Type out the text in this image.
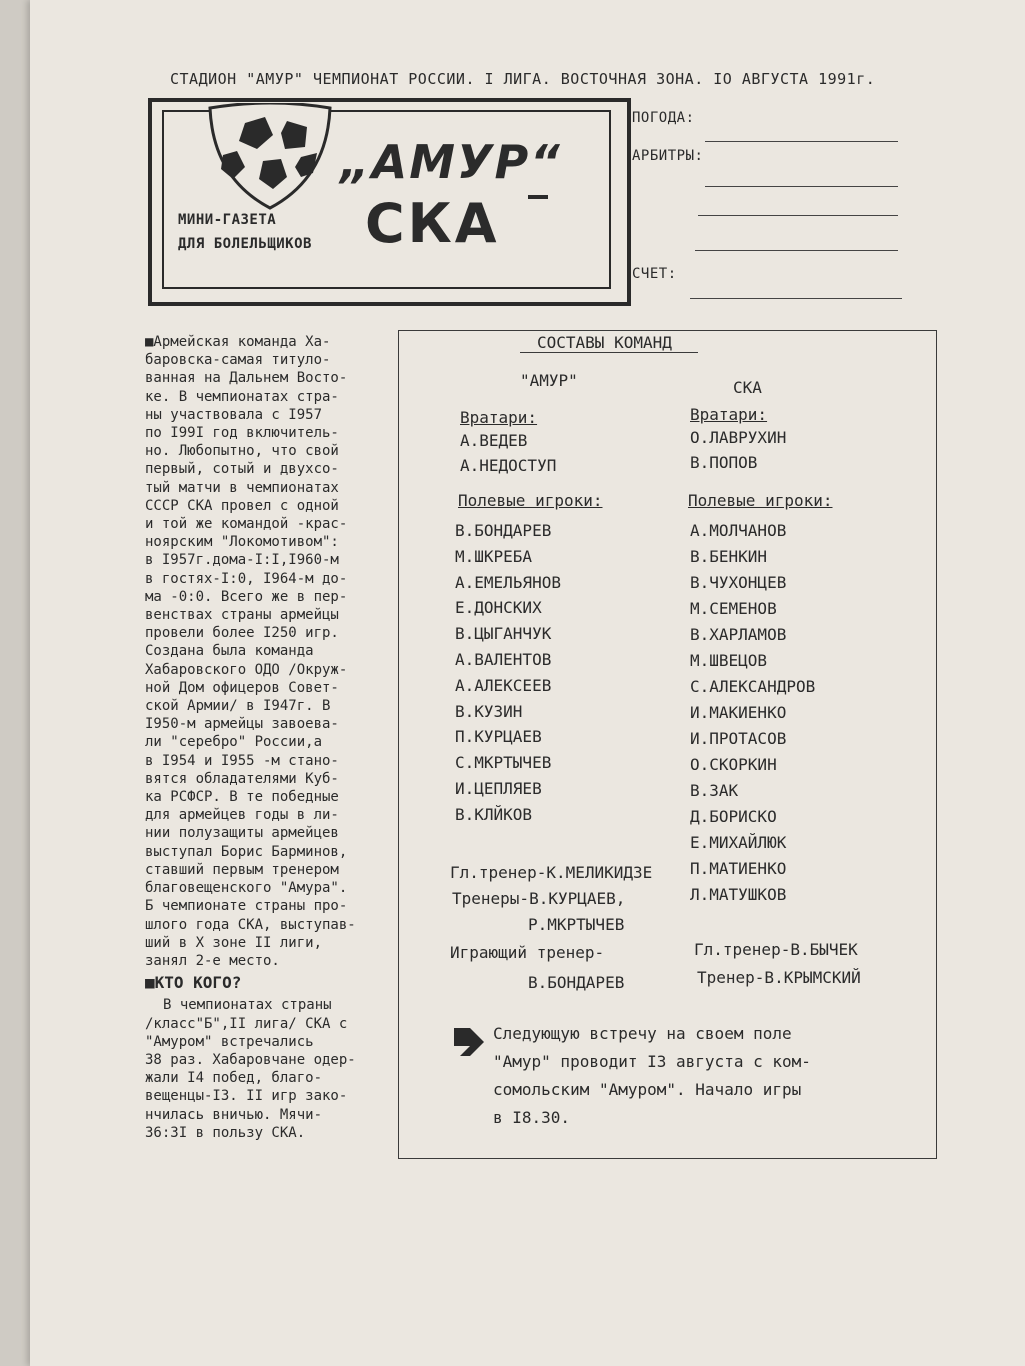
СТАДИОН "АМУР" ЧЕМПИОНАТ РОССИИ. I ЛИГА. ВОСТОЧНАЯ ЗОНА. IO АВГУСТА 1991г.
„АМУР“
СКА
МИНИ-ГАЗЕТА
ДЛЯ БОЛЕЛЬЩИКОВ
ПОГОДА:
АРБИТРЫ:
СЧЕТ:

■Армейская команда Ха-

баровска-самая титуло-

ванная на Дальнем Восто-

ке. В чемпионатах стра-

ны участвовала с I957

по I99I год включитель-

но. Любопытно, что свой

первый, сотый и двухсо-

тый матчи в чемпионатах

СССР СКА провел с одной

и той же командой -крас-

ноярским "Локомотивом":

в I957г.дома-I:I,I960-м

в гостях-I:0, I964-м до-

ма -0:0. Всего же в пер-

венствах страны армейцы

провели более I250 игр.

Создана была команда

Хабаровского ОДО /Окруж-

ной Дом офицеров Совет-

ской Армии/ в I947г. В

I950-м армейцы завоева-

ли "серебро" России,а

в I954 и I955 -м стано-

вятся обладателями Куб-

ка РСФСР. В те победные

для армейцев годы в ли-

нии полузащиты армейцев

выступал Борис Барминов,

ставший первым тренером

благовещенского "Амура".

Б чемпионате страны про-

шлого года СКА, выступав-

ший в X зоне II лиги,

занял 2-е место.

■КТО КОГО?

В чемпионатах страны

/класс"Б",II лига/ СКА с

"Амуром" встречались

38 раз. Хабаровчане одер-

жали I4 побед, благо-

вещенцы-I3. II игр зако-

нчилась вничью. Мячи-

36:3I в пользу СКА.

СОСТАВЫ КОМАНД
"АМУР"
Вратари:
А.ВЕДЕВ
А.НЕДОСТУП
Полевые игроки:
В.БОНДАРЕВ
М.ШКРЕБА
А.ЕМЕЛЬЯНОВ
Е.ДОНСКИХ
В.ЦЫГАНЧУК
А.ВАЛЕНТОВ
А.АЛЕКСЕЕВ
В.КУЗИН
П.КУРЦАЕВ
С.МКРТЫЧЕВ
И.ЦЕПЛЯЕВ
В.КЛЙКОВ
Гл.тренер-К.МЕЛИКИДЗЕ
Тренеры-В.КУРЦАЕВ,
Р.МКРТЫЧЕВ
Играющий тренер-
В.БОНДАРЕВ
СКА
Вратари:
О.ЛАВРУХИН
В.ПОПОВ
Полевые игроки:
А.МОЛЧАНОВ
В.БЕНКИН
В.ЧУХОНЦЕВ
М.СЕМЕНОВ
В.ХАРЛАМОВ
М.ШВЕЦОВ
С.АЛЕКСАНДРОВ
И.МАКИЕНКО
И.ПРОТАСОВ
О.СКОРКИН
В.ЗАК
Д.БОРИСКО
Е.МИХАЙЛЮК
П.МАТИЕНКО
Л.МАТУШКОВ
Гл.тренер-В.БЫЧЕК
Тренер-В.КРЫМСКИЙ
Следующую встречу на своем поле
"Амур" проводит I3 августа с ком-
сомольским "Амуром". Начало игры
в I8.30.
